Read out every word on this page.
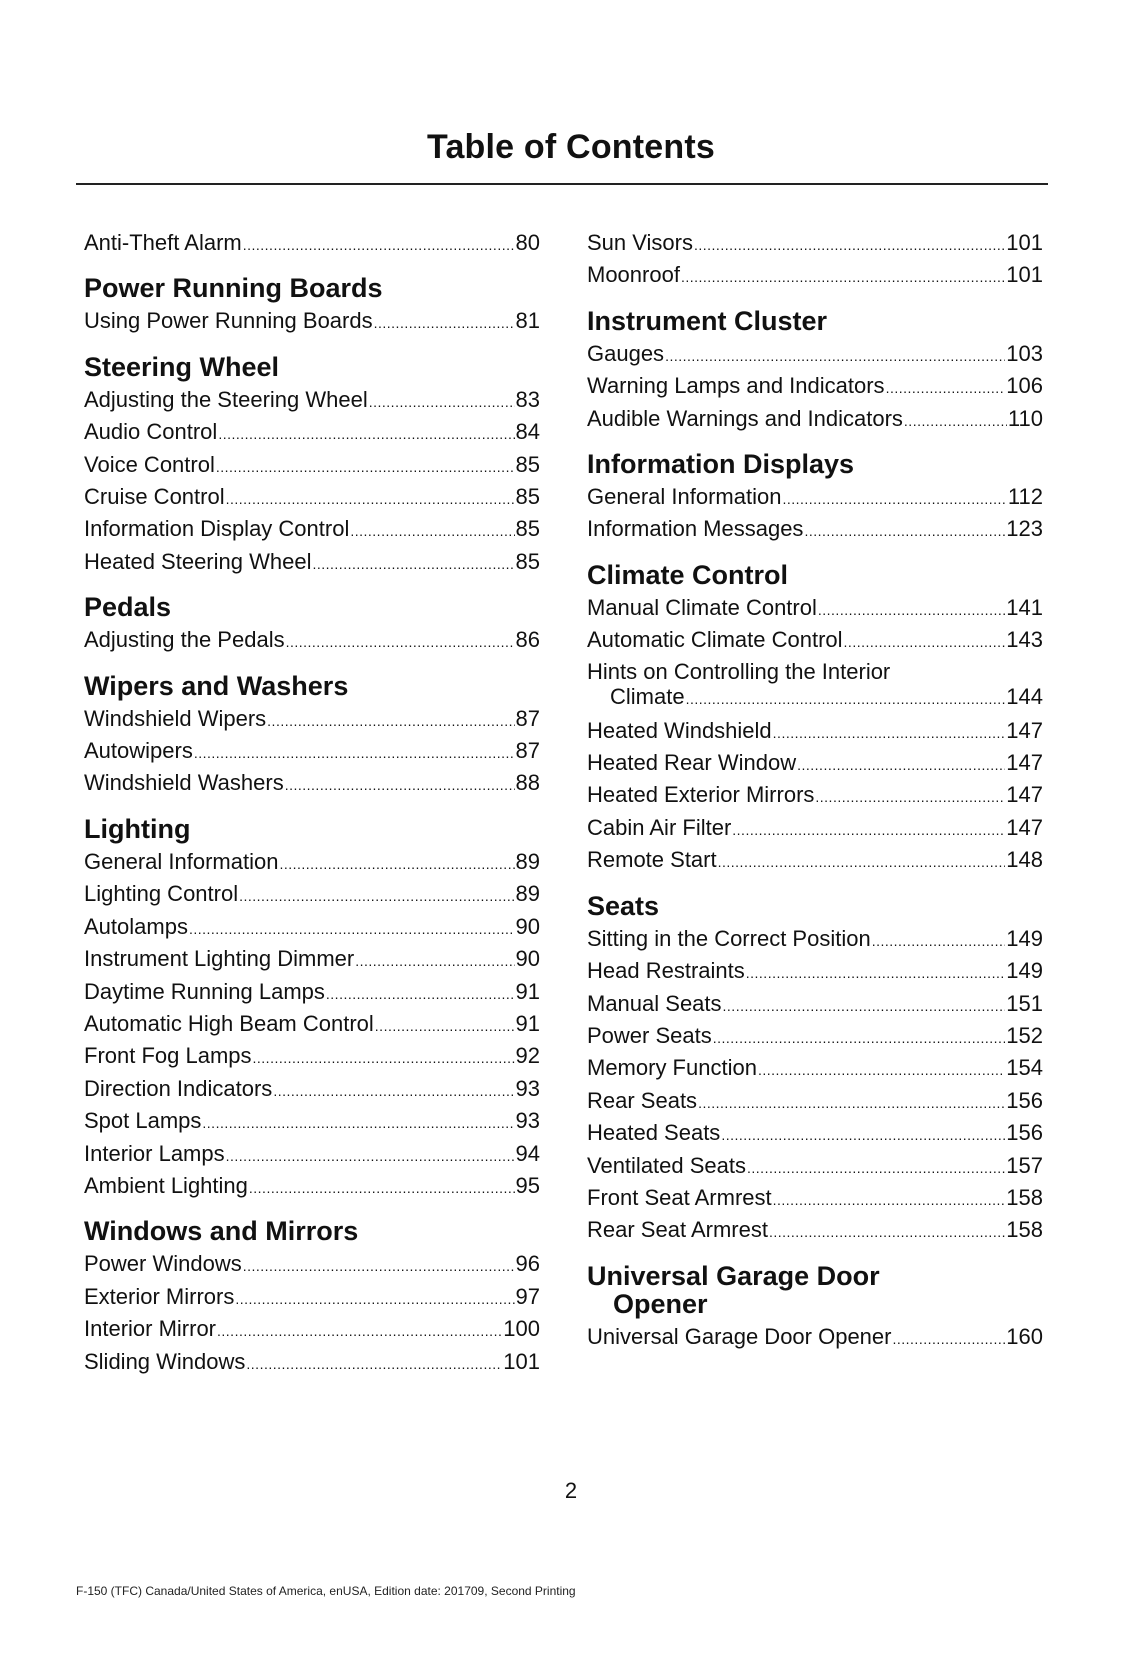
Table of Contents
Anti-Theft Alarm .....	80
Power Running Boards
Using Power Running Boards .....	81
Steering Wheel
Adjusting the Steering Wheel .....	83
Audio Control .....	84
Voice Control .....	85
Cruise Control .....	85
Information Display Control .....	85
Heated Steering Wheel .....	85
Pedals
Adjusting the Pedals .....	86
Wipers and Washers
Windshield Wipers .....	87
Autowipers .....	87
Windshield Washers .....	88
Lighting
General Information .....	89
Lighting Control .....	89
Autolamps .....	90
Instrument Lighting Dimmer .....	90
Daytime Running Lamps .....	91
Automatic High Beam Control .....	91
Front Fog Lamps .....	92
Direction Indicators .....	93
Spot Lamps .....	93
Interior Lamps .....	94
Ambient Lighting .....	95
Windows and Mirrors
Power Windows .....	96
Exterior Mirrors .....	97
Interior Mirror .....	100
Sliding Windows .....	101
Sun Visors .....	101
Moonroof .....	101
Instrument Cluster
Gauges .....	103
Warning Lamps and Indicators .....	106
Audible Warnings and Indicators .....	110
Information Displays
General Information .....	112
Information Messages .....	123
Climate Control
Manual Climate Control .....	141
Automatic Climate Control .....	143
Hints on Controlling the Interior
Climate .....	144
Heated Windshield .....	147
Heated Rear Window .....	147
Heated Exterior Mirrors .....	147
Cabin Air Filter .....	147
Remote Start .....	148
Seats
Sitting in the Correct Position .....	149
Head Restraints .....	149
Manual Seats .....	151
Power Seats .....	152
Memory Function .....	154
Rear Seats .....	156
Heated Seats .....	156
Ventilated Seats .....	157
Front Seat Armrest .....	158
Rear Seat Armrest .....	158
Universal Garage Door
Opener
Universal Garage Door Opener .....	160
2
F-150 (TFC) Canada/United States of America, enUSA, Edition date: 201709, Second Printing
